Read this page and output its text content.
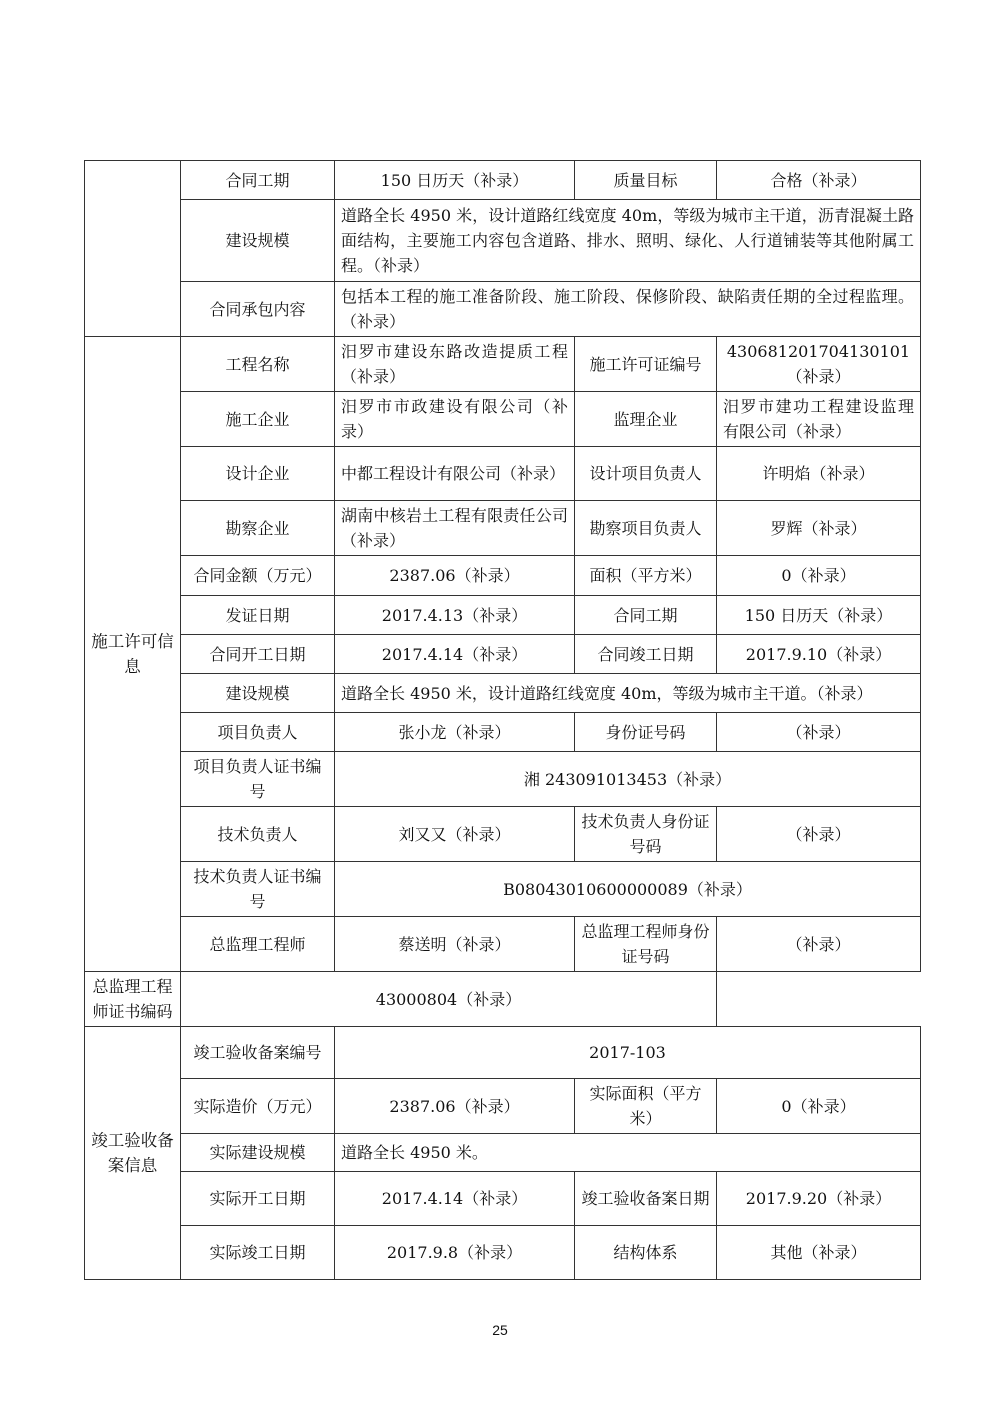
	合同工期	150 日历天（补录）	质量目标	合格（补录）
	建设规模	道路全长 4950 米，设计道路红线宽度 40m，等级为城市主干道，沥青混凝土路面结构，主要施工内容包含道路、排水、照明、绿化、人行道铺装等其他附属工程。（补录）		
	合同承包内容	包括本工程的施工准备阶段、施工阶段、保修阶段、缺陷责任期的全过程监理。（补录）		
施工许可信息	工程名称	汨罗市建设东路改造提质工程（补录）	施工许可证编号	430681201704130101（补录）
	施工企业	汨罗市市政建设有限公司（补录）	监理企业	汨罗市建功工程建设监理有限公司（补录）
	设计企业	中都工程设计有限公司（补录）	设计项目负责人	许明焰（补录）
	勘察企业	湖南中核岩土工程有限责任公司（补录）	勘察项目负责人	罗辉（补录）
	合同金额（万元）	2387.06（补录）	面积（平方米）	0（补录）
	发证日期	2017.4.13（补录）	合同工期	150 日历天（补录）
	合同开工日期	2017.4.14（补录）	合同竣工日期	2017.9.10（补录）
	建设规模	道路全长 4950 米，设计道路红线宽度 40m，等级为城市主干道。（补录）		
	项目负责人	张小龙（补录）	身份证号码	（补录）
	项目负责人证书编号	湘 243091013453（补录）		
	技术负责人	刘又又（补录）	技术负责人身份证号码	（补录）
	技术负责人证书编号	B08043010600000089（补录）		
	总监理工程师	蔡送明（补录）	总监理工程师身份证号码	（补录）
总监理工程师证书编码	43000804（补录）			
竣工验收备案信息	竣工验收备案编号	2017-103		
	实际造价（万元）	2387.06（补录）	实际面积（平方米）	0（补录）
	实际建设规模	道路全长 4950 米。		
	实际开工日期	2017.4.14（补录）	竣工验收备案日期	2017.9.20（补录）
	实际竣工日期	2017.9.8（补录）	结构体系	其他（补录）
25
